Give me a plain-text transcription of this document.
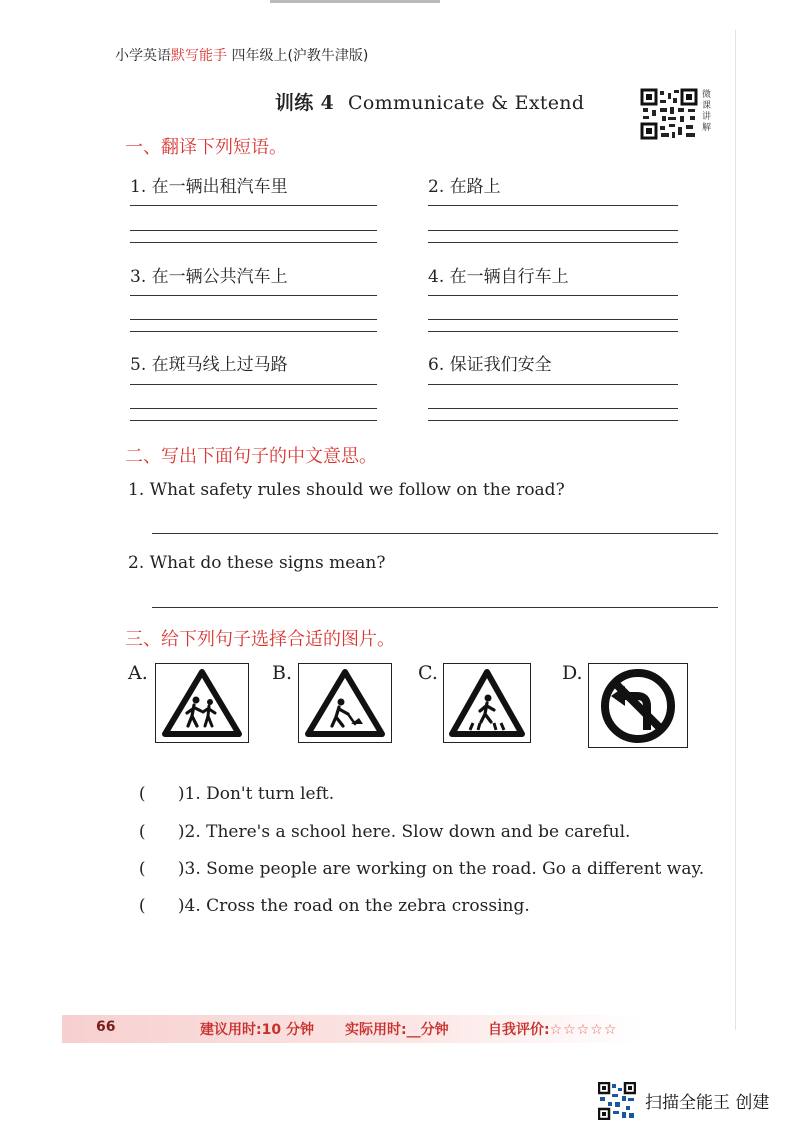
小学英语默写能手 四年级上(沪教牛津版)
训练 4 Communicate & Extend	微课讲解
一、翻译下列短语。
1. 在一辆出租汽车里	2. 在路上
3. 在一辆公共汽车上	4. 在一辆自行车上
5. 在斑马线上过马路	6. 保证我们安全
二、写出下面句子的中文意思。
1. What safety rules should we follow on the road?
2. What do these signs mean?
三、给下列句子选择合适的图片。
A.	B.	C.	D.

(      )1. Don't turn left.

(      )2. There's a school here. Slow down and be careful.

(      )3. Some people are working on the road. Go a different way.

(      )4. Cross the road on the zebra crossing.

66	建议用时:10 分钟 实际用时:__分钟	自我评价:☆☆☆☆☆
扫描全能王 创建
